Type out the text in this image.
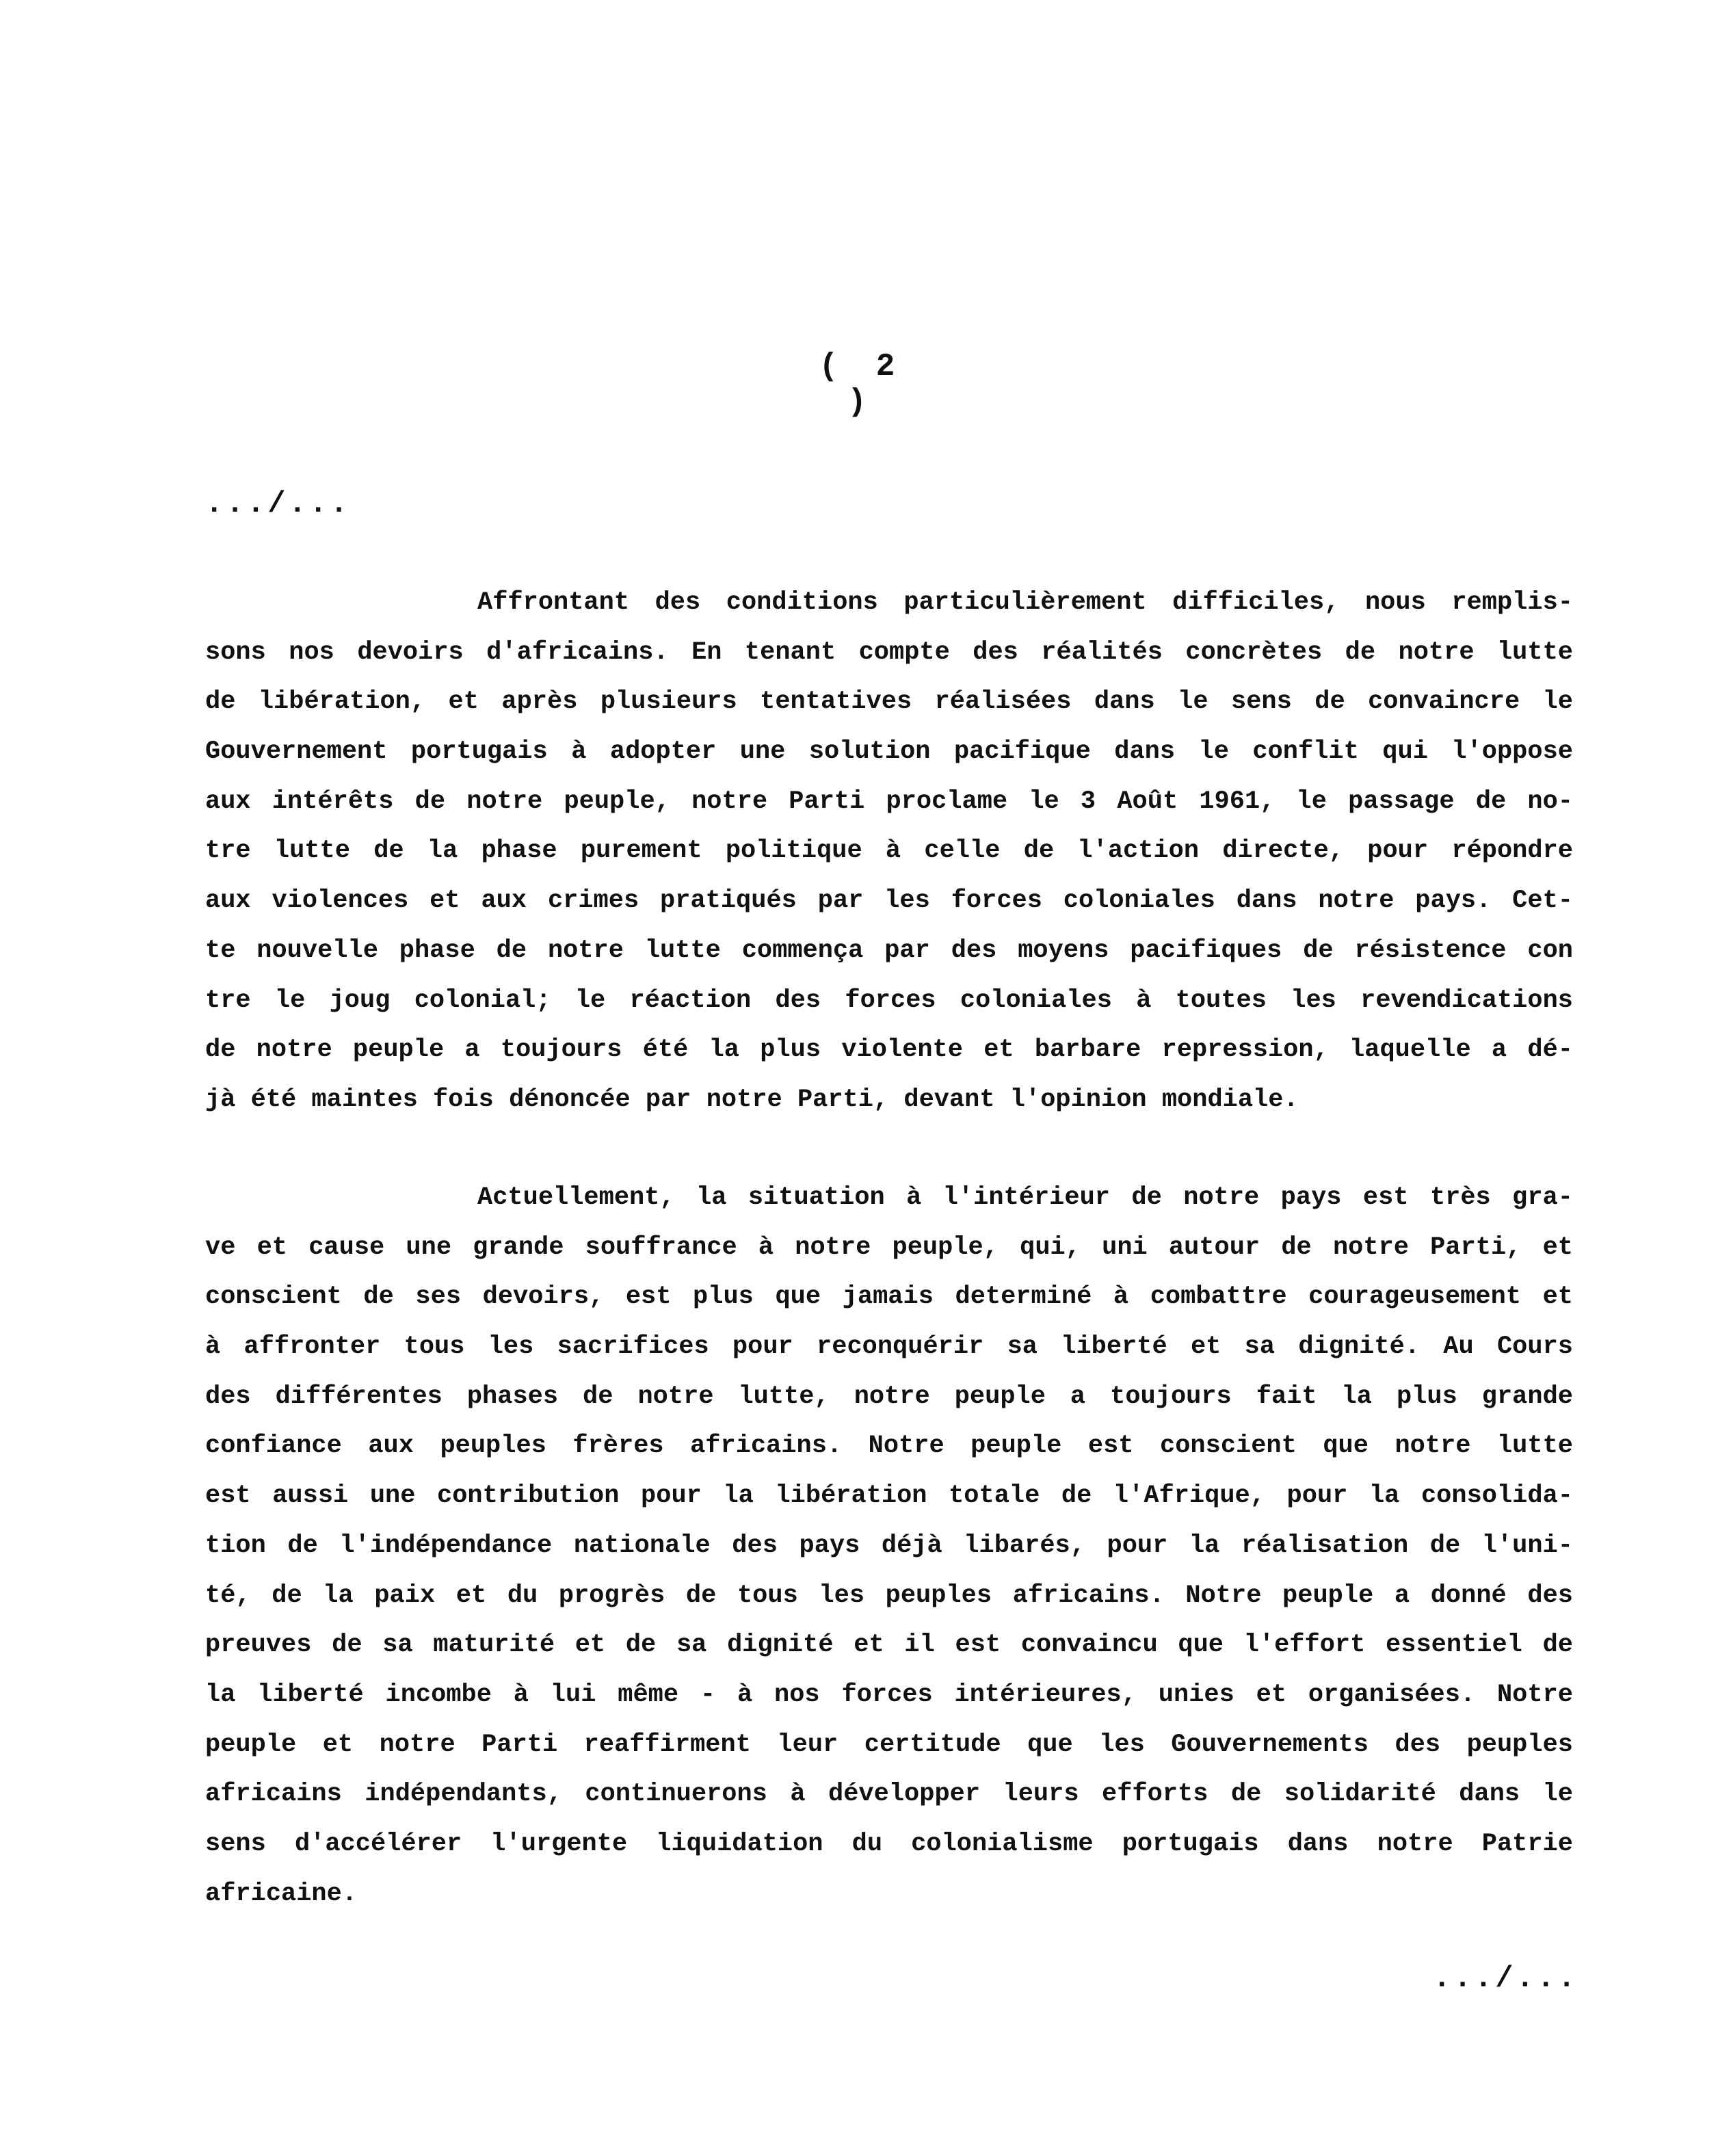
( 2 )
.../...
Affrontant des conditions particulièrement difficiles, nous remplis-
sons nos devoirs d'africains. En tenant compte des réalités concrètes de notre lutte
de libération, et après plusieurs tentatives réalisées dans le sens de convaincre le
Gouvernement portugais à adopter une solution pacifique dans le conflit qui l'oppose
aux intérêts de notre peuple, notre Parti proclame le 3 Août 1961, le passage de no-
tre lutte de la phase purement politique à celle de l'action directe, pour répondre
aux violences et aux crimes pratiqués par les forces coloniales dans notre pays. Cet-
te nouvelle phase de notre lutte commença par des moyens pacifiques de résistence con
tre le joug colonial; le réaction des forces coloniales à toutes les revendications
de notre peuple a toujours été la plus violente et barbare repression, laquelle a dé-
jà été maintes fois dénoncée par notre Parti, devant l'opinion mondiale.
Actuellement, la situation à l'intérieur de notre pays est très gra-
ve et cause une grande souffrance à notre peuple, qui, uni autour de notre Parti, et
conscient de ses devoirs, est plus que jamais determiné à combattre courageusement et
à affronter tous les sacrifices pour reconquérir sa liberté et sa dignité. Au Cours
des différentes phases de notre lutte, notre peuple a toujours fait la plus grande
confiance aux peuples frères africains. Notre peuple est conscient que notre lutte
est aussi une contribution pour la libération totale de l'Afrique, pour la consolida-
tion de l'indépendance nationale des pays déjà libarés, pour la réalisation de l'uni-
té, de la paix et du progrès de tous les peuples africains. Notre peuple a donné des
preuves de sa maturité et de sa dignité et il est convaincu que l'effort essentiel de
la liberté incombe à lui même - à nos forces intérieures, unies et organisées. Notre
peuple et notre Parti reaffirment leur certitude que les Gouvernements des peuples
africains indépendants, continuerons à développer leurs efforts de solidarité dans le
sens d'accélérer l'urgente liquidation du colonialisme portugais dans notre Patrie
africaine.
.../...
